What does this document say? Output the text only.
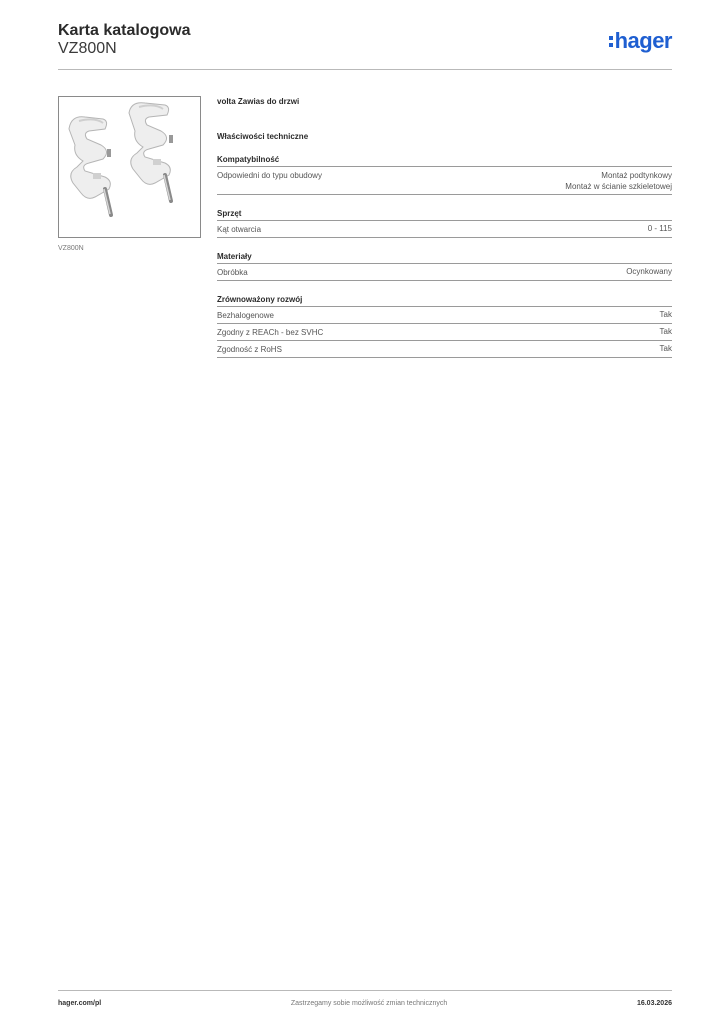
Karta katalogowa
VZ800N	hager
VZ800N
volta Zawias do drzwi
Właściwości techniczne
Kompatybilność
Odpowiedni do typu obudowy	Montaż podtynkowy
Montaż w ścianie szkieletowej
Sprzęt
Kąt otwarcia	0 - 115
Materiały
Obróbka	Ocynkowany
Zrównoważony rozwój
Bezhalogenowe	Tak
Zgodny z REACh - bez SVHC	Tak
Zgodność z RoHS	Tak
hager.com/pl	Zastrzegamy sobie możliwość zmian technicznych	16.03.2026
